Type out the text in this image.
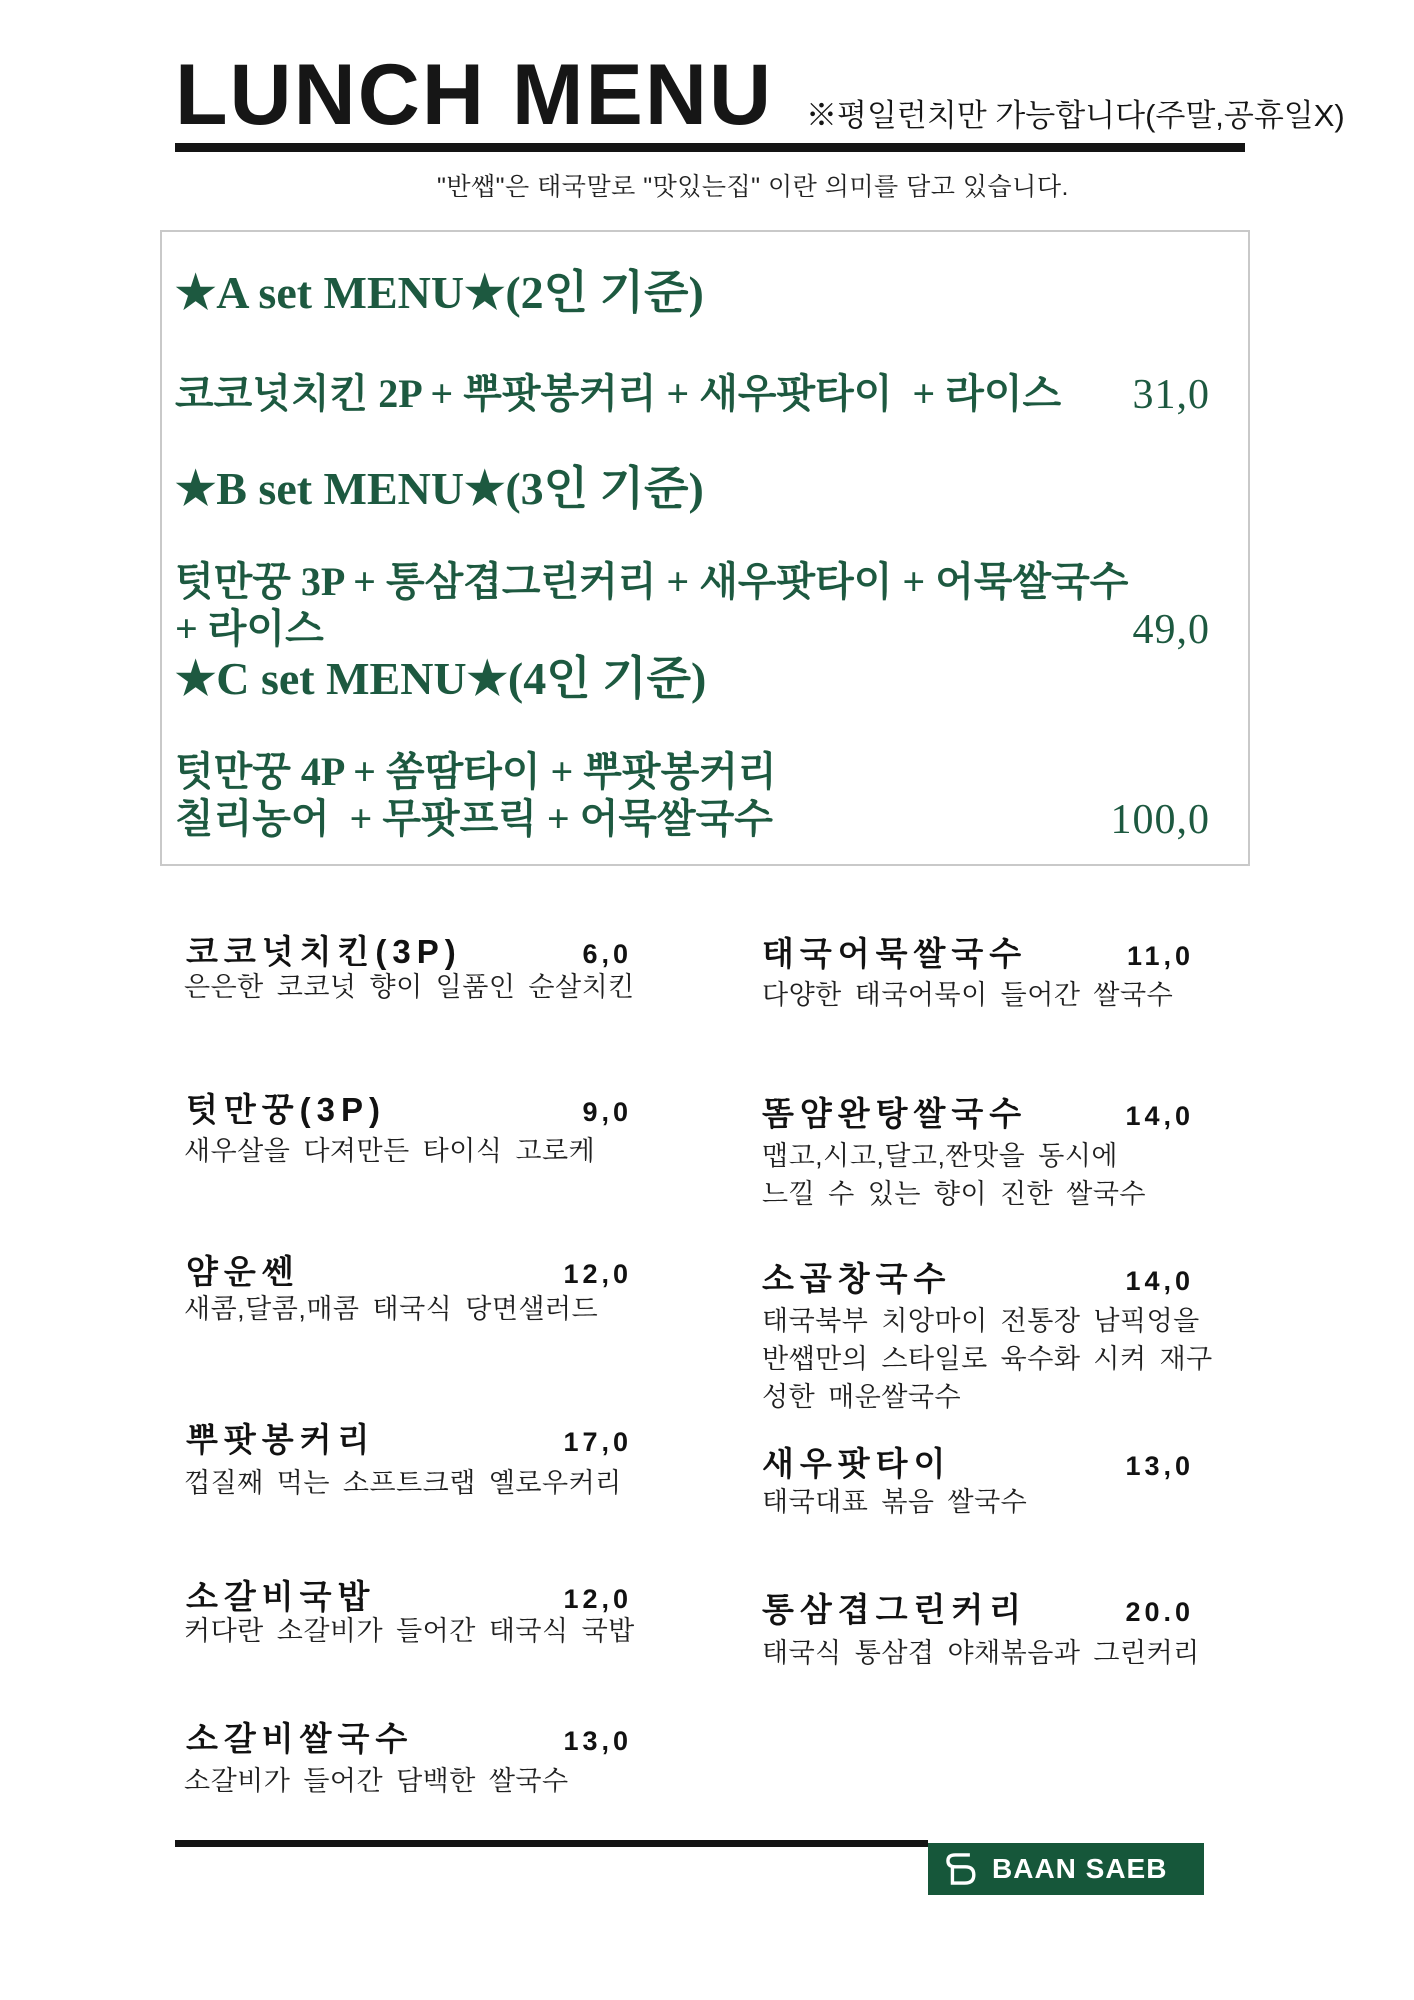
LUNCH MENU ※평일런치만 가능합니다(주말,공휴일X)
"반쌥"은 태국말로 "맛있는집" 이란 의미를 담고 있습니다.
★A set MENU★(2인 기준)
코코넛치킨 2P + 뿌팟봉커리 + 새우팟타이  + 라이스 31,0
★B set MENU★(3인 기준)
텃만꿍 3P + 통삼겹그린커리 + 새우팟타이 + 어묵쌀국수  + 라이스	49,0
★C set MENU★(4인 기준)
텃만꿍 4P + 쏨땀타이 + 뿌팟봉커리
칠리농어  + 무팟프릭 + 어묵쌀국수	100,0
코코넛치킨(3P)	6,0
은은한 코코넛 향이 일품인 순살치킨
텃만꿍(3P)	9,0
새우살을 다져만든 타이식 고로케
얌운쎈	12,0
새콤,달콤,매콤 태국식 당면샐러드
뿌팟봉커리	17,0
껍질째 먹는 소프트크랩 옐로우커리
소갈비국밥	12,0
커다란 소갈비가 들어간 태국식 국밥
소갈비쌀국수	13,0
소갈비가 들어간 담백한 쌀국수
태국어묵쌀국수	11,0
다양한 태국어묵이 들어간 쌀국수
똠얌완탕쌀국수	14,0
맵고,시고,달고,짠맛을 동시에
느낄 수 있는 향이 진한 쌀국수
소곱창국수	14,0
태국북부 치앙마이 전통장 남픽엉을
반쌥만의 스타일로 육수화 시켜 재구
성한 매운쌀국수
새우팟타이	13,0
태국대표 볶음 쌀국수
통삼겹그린커리	20.0
태국식 통삼겹 야채볶음과 그린커리
BAAN SAEB
